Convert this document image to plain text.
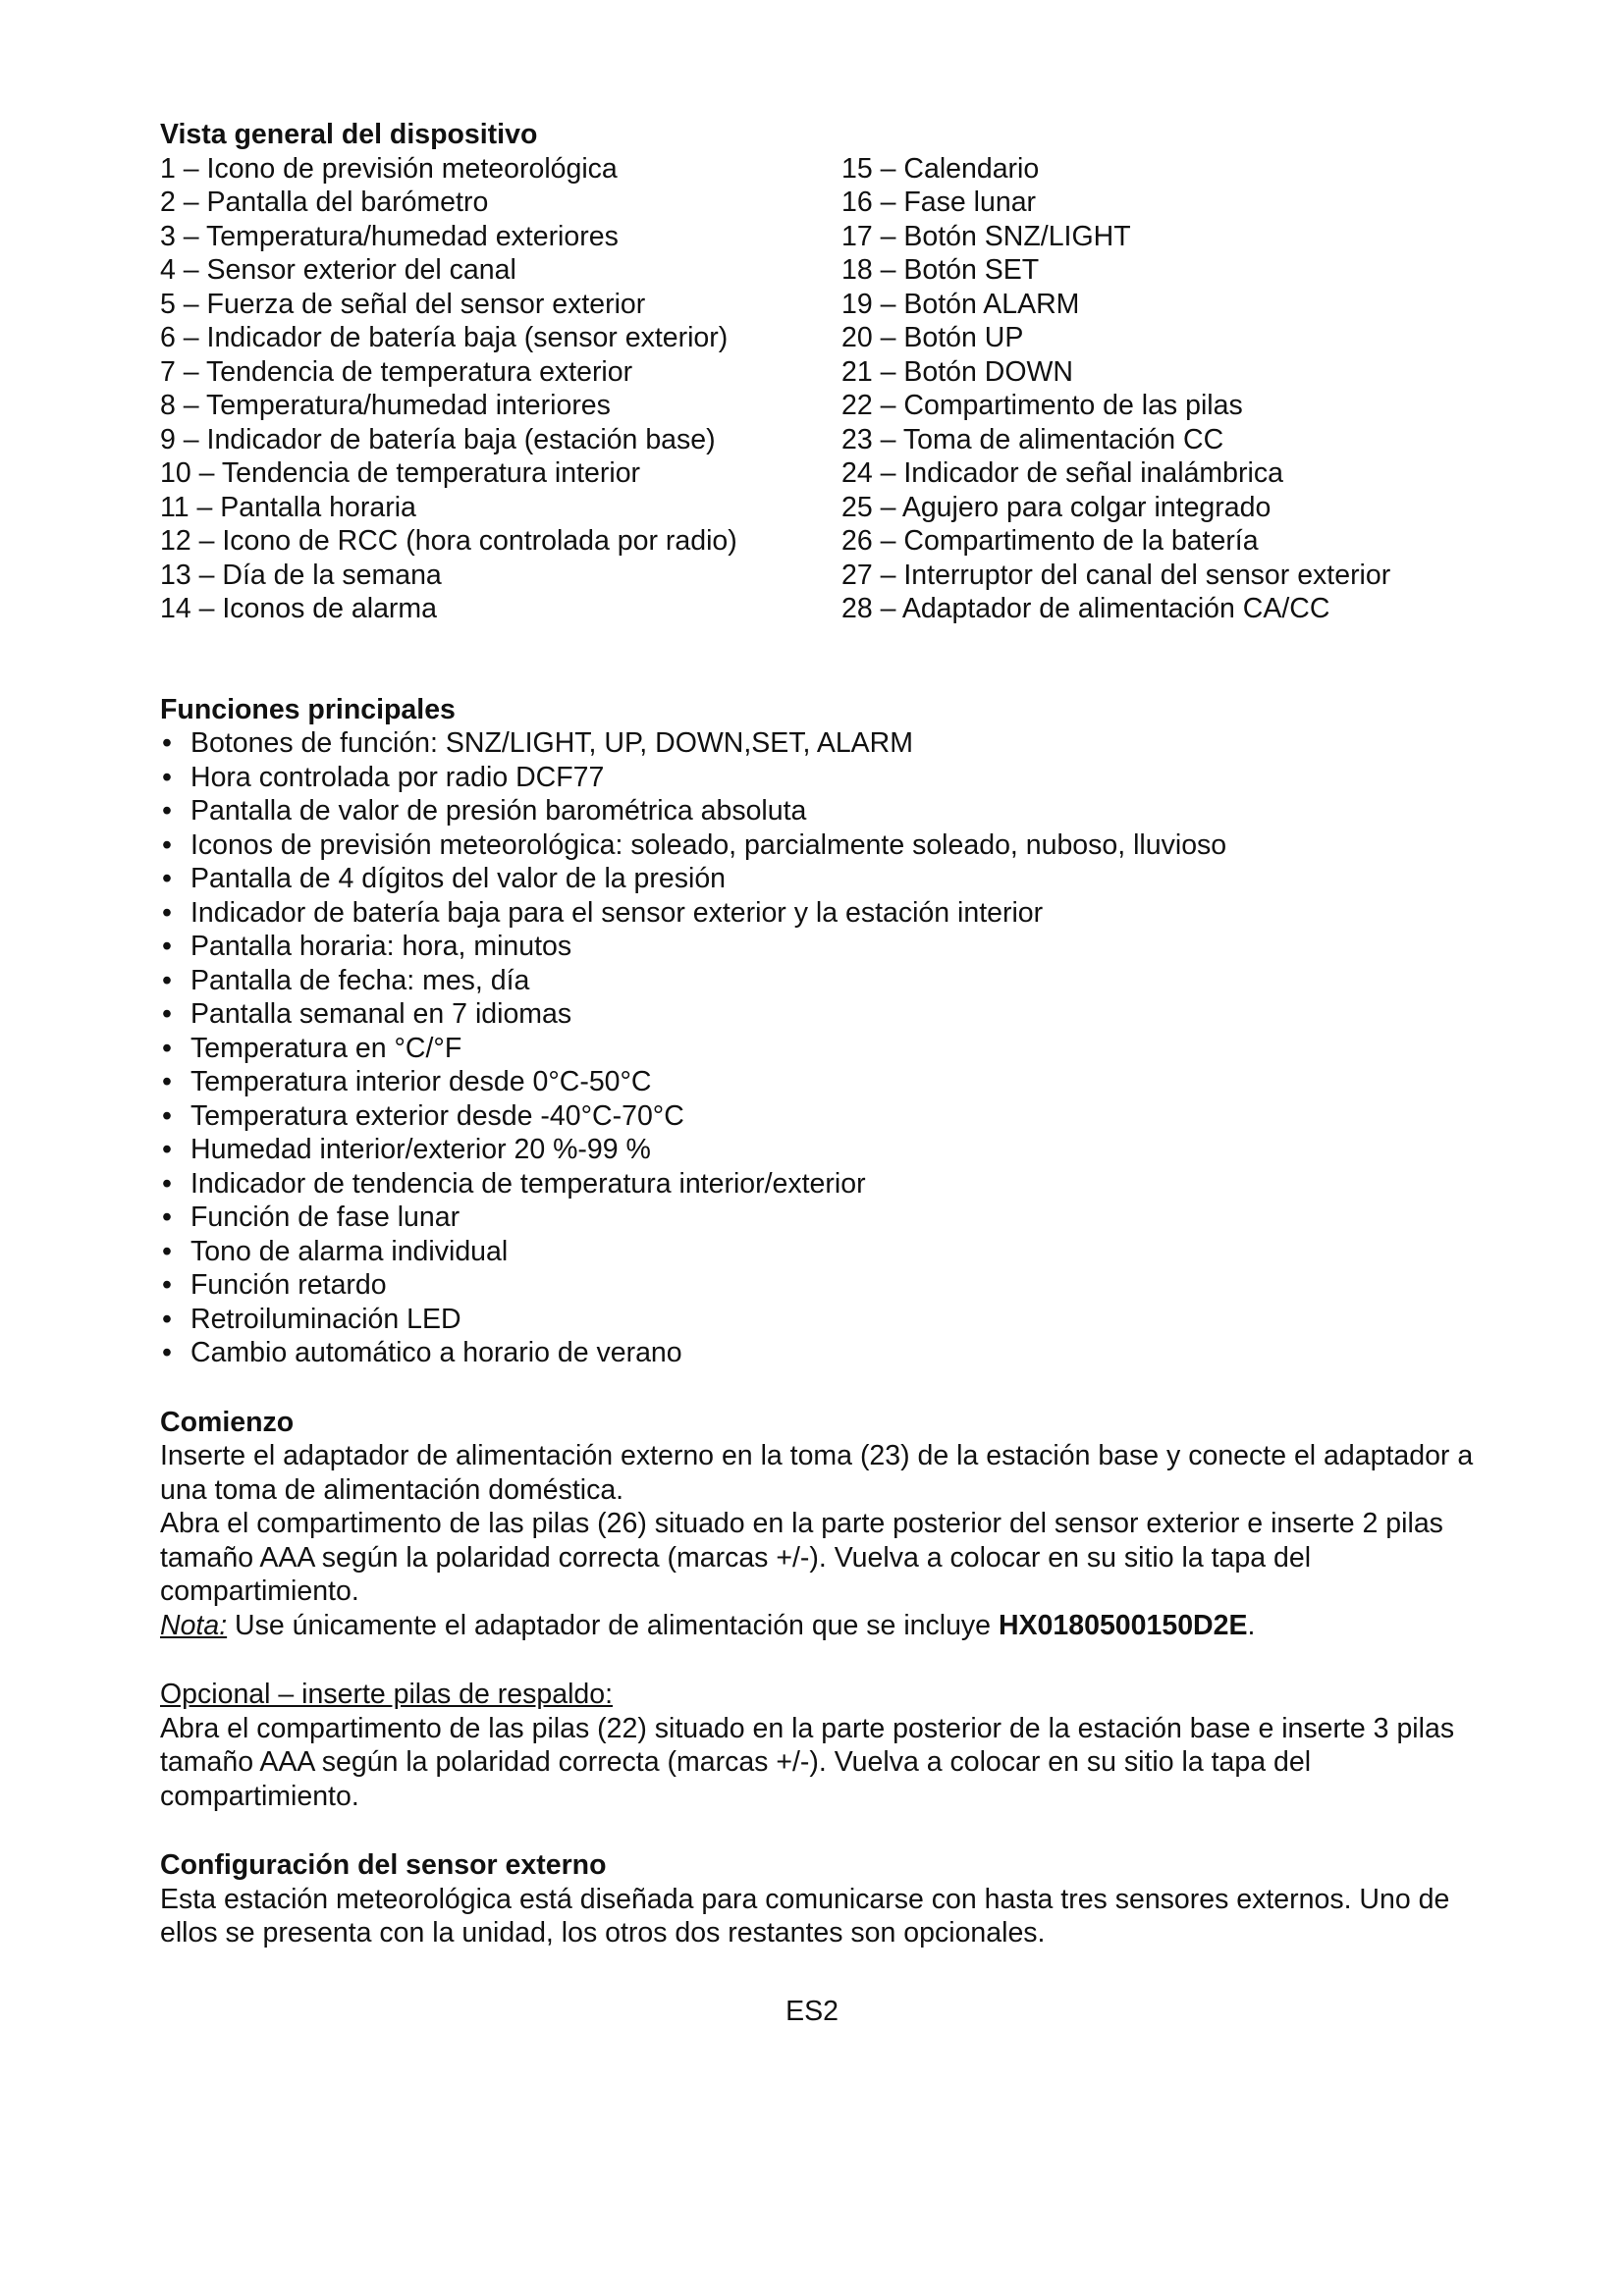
Vista general del dispositivo
1 – Icono de previsión meteorológica
2 – Pantalla del barómetro
3 – Temperatura/humedad exteriores
4 – Sensor exterior del canal
5 – Fuerza de señal del sensor exterior
6 – Indicador de batería baja (sensor exterior)
7 – Tendencia de temperatura exterior
8 – Temperatura/humedad interiores
9 – Indicador de batería baja (estación base)
10 – Tendencia de temperatura interior
11 – Pantalla horaria
12 – Icono de RCC (hora controlada por radio)
13 – Día de la semana
14 – Iconos de alarma
15 – Calendario
16 – Fase lunar
17 – Botón SNZ/LIGHT
18 – Botón SET
19 – Botón ALARM
20 – Botón UP
21 – Botón DOWN
22 – Compartimento de las pilas
23 – Toma de alimentación CC
24 – Indicador de señal inalámbrica
25 – Agujero para colgar integrado
26 – Compartimento de la batería
27 – Interruptor del canal del sensor exterior
28 – Adaptador de alimentación CA/CC
Funciones principales
• Botones de función: SNZ/LIGHT, UP, DOWN,SET, ALARM
• Hora controlada por radio DCF77
• Pantalla de valor de presión barométrica absoluta
• Iconos de previsión meteorológica: soleado, parcialmente soleado, nuboso, lluvioso
• Pantalla de 4 dígitos del valor de la presión
• Indicador de batería baja para el sensor exterior y la estación interior
• Pantalla horaria: hora, minutos
• Pantalla de fecha: mes, día
• Pantalla semanal en 7 idiomas
• Temperatura en °C/°F
• Temperatura interior desde 0°C-50°C
• Temperatura exterior desde -40°C-70°C
• Humedad interior/exterior 20 %-99 %
• Indicador de tendencia de temperatura interior/exterior
• Función de fase lunar
• Tono de alarma individual
• Función retardo
• Retroiluminación LED
• Cambio automático a horario de verano
Comienzo

Inserte el adaptador de alimentación externo en la toma (23) de la estación base y conecte el adaptador a una toma de alimentación doméstica.

Abra el compartimento de las pilas (26) situado en la parte posterior del sensor exterior e inserte 2 pilas tamaño AAA según la polaridad correcta (marcas +/-). Vuelva a colocar en su sitio la tapa del compartimiento.

Nota: Use únicamente el adaptador de alimentación que se incluye HX0180500150D2E.

Opcional – inserte pilas de respaldo:

Abra el compartimento de las pilas (22) situado en la parte posterior de la estación base e inserte 3 pilas tamaño AAA según la polaridad correcta (marcas +/-). Vuelva a colocar en su sitio la tapa del compartimiento.

Configuración del sensor externo

Esta estación meteorológica está diseñada para comunicarse con hasta tres sensores externos. Uno de ellos se presenta con la unidad, los otros dos restantes son opcionales.

ES2
